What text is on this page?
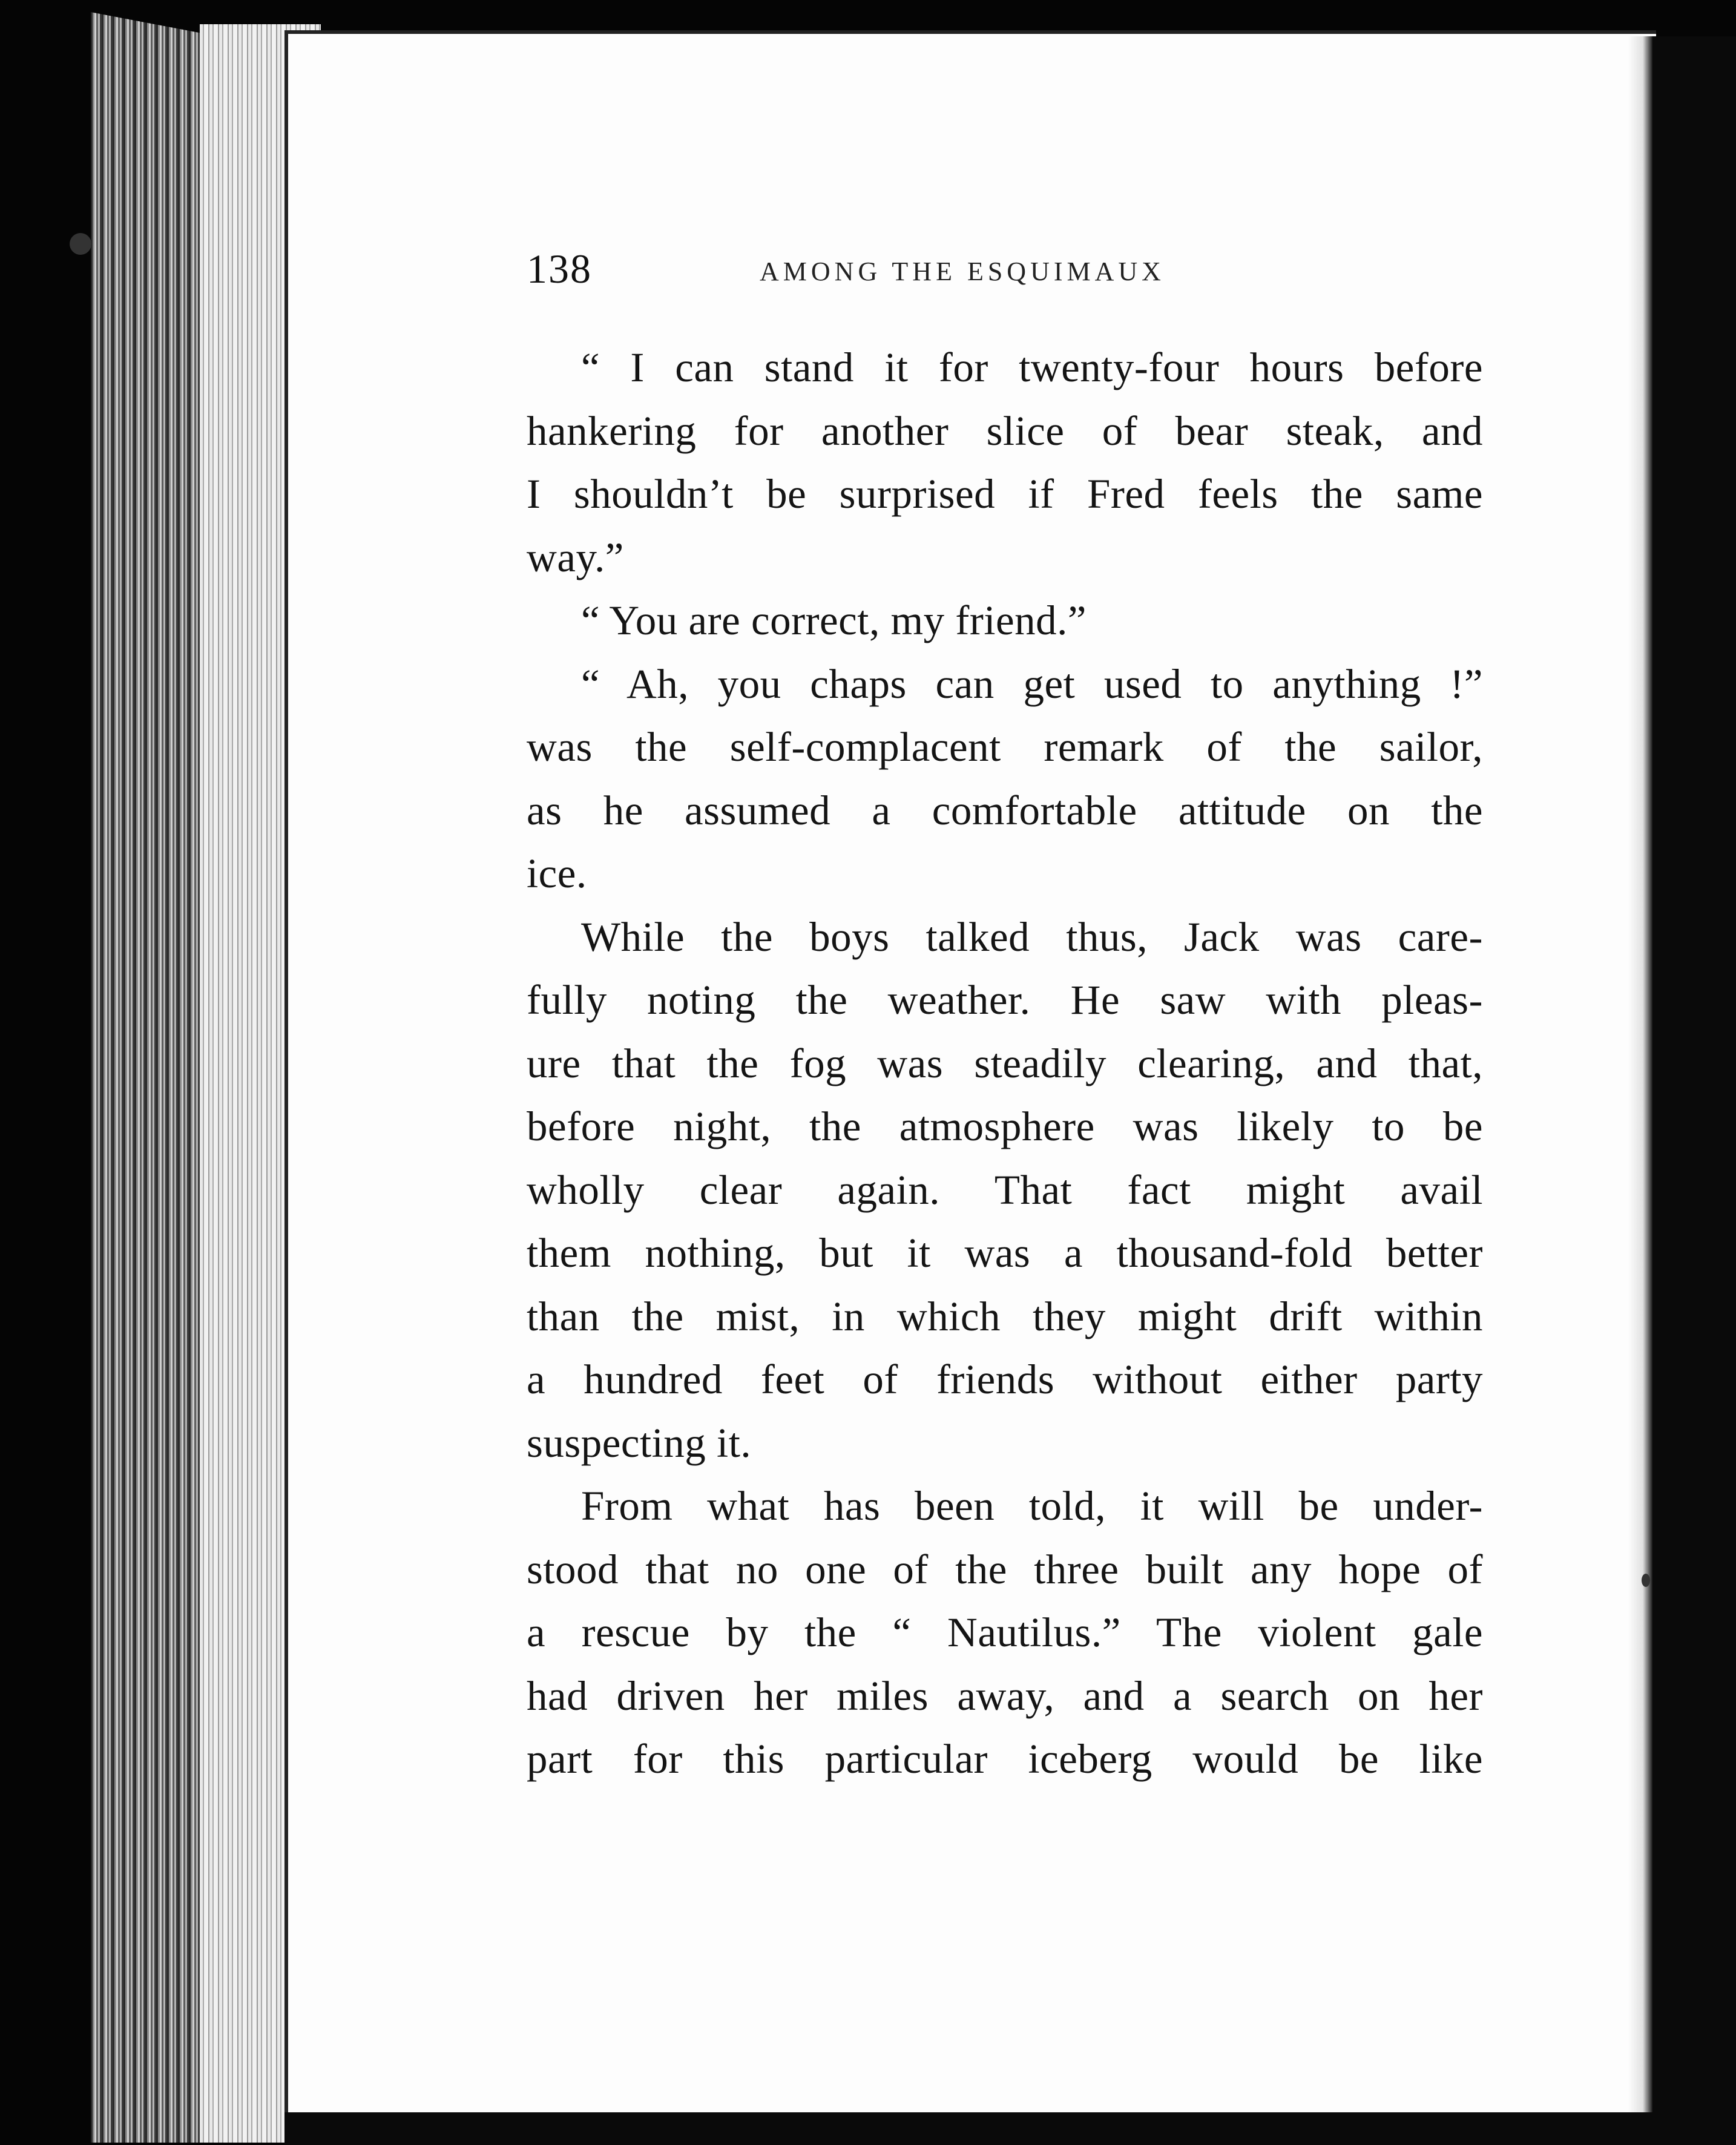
138	AMONG THE ESQUIMAUX
“ I can stand it for twenty-four hours before
hankering for another slice of bear steak, and
I shouldn’t be surprised if Fred feels the same
way.”
“ You are correct, my friend.”
“ Ah, you chaps can get used to anything !”
was the self-complacent remark of the sailor,
as he assumed a comfortable attitude on the
ice.
While the boys talked thus, Jack was care-
fully noting the weather. He saw with pleas-
ure that the fog was steadily clearing, and that,
before night, the atmosphere was likely to be
wholly clear again. That fact might avail
them nothing, but it was a thousand-fold better
than the mist, in which they might drift within
a hundred feet of friends without either party
suspecting it.
From what has been told, it will be under-
stood that no one of the three built any hope of
a rescue by the “ Nautilus.” The violent gale
had driven her miles away, and a search on her
part for this particular iceberg would be like
